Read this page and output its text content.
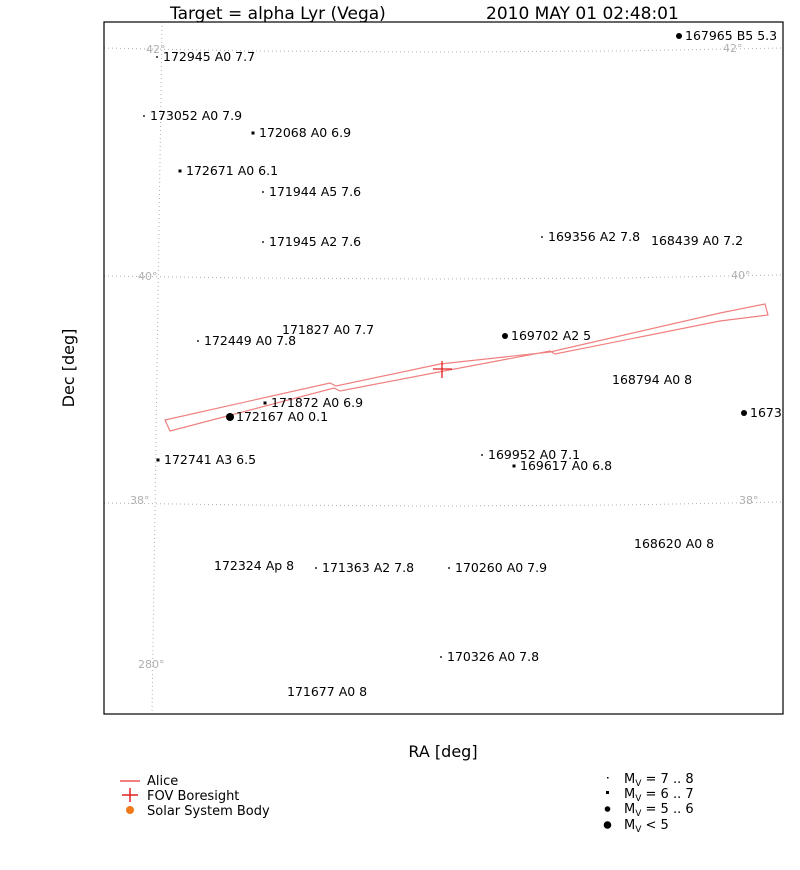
Target = alpha Lyr (Vega)	2010 MAY 01 02:48:01
42°	42°
40°	40°
38°	38°
280°
167965 B5 5.3
172945 A0 7.7
173052 A0 7.9
172068 A0 6.9
172671 A0 6.1
171944 A5 7.6
171945 A2 7.6	169356 A2 7.8 168439 A0 7.2
171827 A0 7.7
172449 A0 7.8	169702 A2 5
168794 A0 8
171872 A0 6.9
172167 A0 0.1	1673
172741 A3 6.5	169952 A0 7.1
169617 A0 6.8
168620 A0 8
172324 Ap 8 171363 A2 7.8	170260 A0 7.9
170326 A0 7.8
171677 A0 8
RA [deg]
Dec [deg]
Alice
FOV Boresight
Solar System Body
$M_V = 7$ .. 8
$M_V = 6$ .. 7
$M_V = 5$ .. 6
$M_V < 5$
